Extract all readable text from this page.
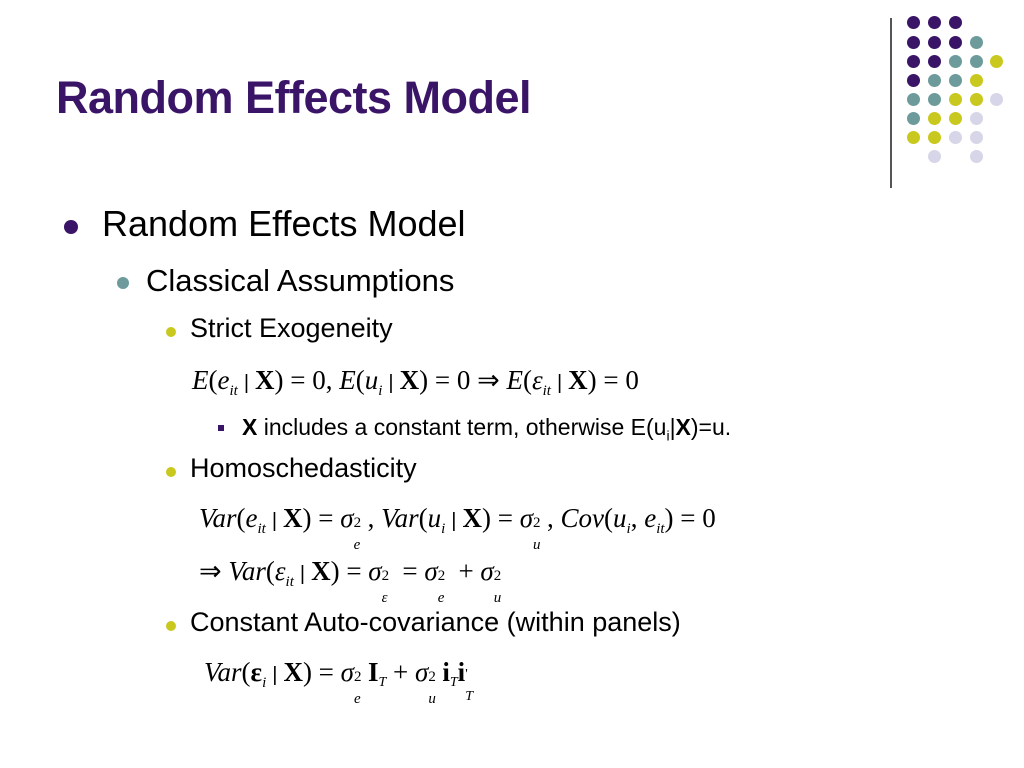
Random Effects Model
Random Effects Model
Classical Assumptions
Strict Exogeneity
$E(e_{it}$ | X) = 0, $E(u_i$ | X) = 0 ⇒ $E(\varepsilon_{it}$ | X) = 0
X includes a constant term, otherwise $E(u_i|X)=u$.
Homoschedasticity
$Var(e_{it}$ | X) = σ 2
e
, $Var(u_i$ | X) = σ 2
u
, $Cov(u_i$, $e_{it}) = 0$
⇒ $Var(\varepsilon_{it}$ | X) = σ 2
ε
= σ 2
e
+ σ 2
u
Constant Auto-covariance (within panels)
$Var(\varepsilon_i$ | X) = σ 2
e
IT + σ 2
u
iTi '
T
